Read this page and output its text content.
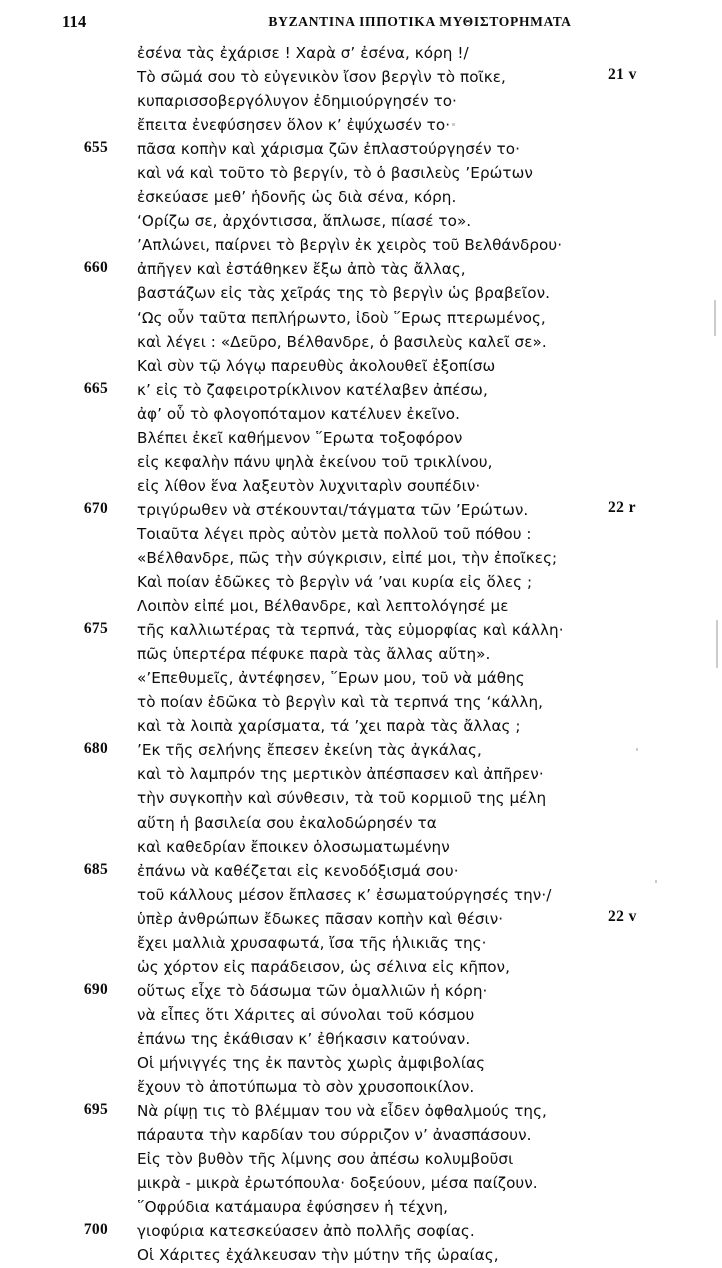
114	ΒΥΖΑΝΤΙΝΑ ΙΠΠΟΤΙΚΑ ΜΥΘΙΣΤΟΡΗΜΑΤΑ
ἐσένα τὰς ἐχάρισε ! Χαρὰ σ’ ἐσένα, κόρη !/
Τὸ σῶμά σου τὸ εὐγενικὸν ἴσον βεργὶν τὸ ποῖκε,	21 v
κυπαρισσοβεργόλυγον ἐδημιούργησέν το·
ἔπειτα ἐνεφύσησεν ὅλον κ’ ἐψύχωσέν το·
655 πᾶσα κοπὴν καὶ χάρισμα ζῶν ἐπλαστούργησέν το·
καὶ νά καὶ τοῦτο τὸ βεργίν, τὸ ὁ βασιλεὺς ’Ερώτων
ἐσκεύασε μεθ’ ἡδονῆς ὡς διὰ σένα, κόρη.
‘Ορίζω σε, ἀρχόντισσα, ἅπλωσε, πίασέ το».
’Απλώνει, παίρνει τὸ βεργὶν ἐκ χειρὸς τοῦ Βελθάνδρου·
660 ἀπῆγεν καὶ ἐστάθηκεν ἔξω ἀπὸ τὰς ἄλλας,
βαστάζων εἰς τὰς χεῖράς της τὸ βεργὶν ὡς βραβεῖον.
‘Ως οὖν ταῦτα πεπλήρωντο, ἰδοὺ ῞Ερως πτερωμένος,
καὶ λέγει : «Δεῦρο, Βέλθανδρε, ὁ βασιλεὺς καλεῖ σε».
Καὶ σὺν τῷ λόγῳ παρευθὺς ἀκολουθεῖ ἐξοπίσω
665 κ’ εἰς τὸ ζαφειροτρίκλινον κατέλαβεν ἀπέσω,
ἀφ’ οὗ τὸ φλογοπόταμον κατέλυεν ἐκεῖνο.
Βλέπει ἐκεῖ καθήμενον ῞Ερωτα τοξοφόρον
εἰς κεφαλὴν πάνυ ψηλὰ ἐκείνου τοῦ τρικλίνου,
εἰς λίθον ἕνα λαξευτὸν λυχνιταρὶν σουπέδιν·
670 τριγύρωθεν νὰ στέκουνται/τάγματα τῶν ’Ερώτων.	22 r
Τοιαῦτα λέγει πρὸς αὐτὸν μετὰ πολλοῦ τοῦ πόθου :
«Βέλθανδρε, πῶς τὴν σύγκρισιν, εἰπέ μοι, τὴν ἐποῖκες;
Καὶ ποίαν ἐδῶκες τὸ βεργὶν νά ’ναι κυρία εἰς ὅλες ;
Λοιπὸν εἰπέ μοι, Βέλθανδρε, καὶ λεπτολόγησέ με
675 τῆς καλλιωτέρας τὰ τερπνά, τὰς εὐμορφίας καὶ κάλλη·
πῶς ὑπερτέρα πέφυκε παρὰ τὰς ἄλλας αὕτη».
«’Επεθυμεῖς, ἀντέφησεν, ῞Ερων μου, τοῦ νὰ μάθης
τὸ ποίαν ἐδῶκα τὸ βεργὶν καὶ τὰ τερπνά της ‘κάλλη,
καὶ τὰ λοιπὰ χαρίσματα, τά ’χει παρὰ τὰς ἄλλας ;
680 ’Εκ τῆς σελήνης ἔπεσεν ἐκείνη τὰς ἀγκάλας,
καὶ τὸ λαμπρόν της μερτικὸν ἀπέσπασεν καὶ ἀπῆρεν·
τὴν συγκοπὴν καὶ σύνθεσιν, τὰ τοῦ κορμιοῦ της μέλη
αὕτη ἡ βασιλεία σου ἐκαλοδώρησέν τα
καὶ καθεδρίαν ἔποικεν ὁλοσωματωμένην
685 ἐπάνω νὰ καθέζεται εἰς κενοδόξισμά σου·
τοῦ κάλλους μέσον ἔπλασες κ’ ἐσωματούργησές την·/
ὑπὲρ ἀνθρώπων ἔδωκες πᾶσαν κοπὴν καὶ θέσιν·	22 v
ἔχει μαλλιὰ χρυσαφωτά, ἴσα τῆς ἡλικιᾶς της·
ὡς χόρτον εἰς παράδεισον, ὡς σέλινα εἰς κῆπον,
690 οὕτως εἶχε τὸ δάσωμα τῶν ὁμαλλιῶν ἡ κόρη·
νὰ εἶπες ὅτι Χάριτες αἱ σύνολαι τοῦ κόσμου
ἐπάνω της ἐκάθισαν κ’ ἐθήκασιν κατούναν.
Οἱ μήνιγγές της ἐκ παντὸς χωρὶς ἀμφιβολίας
ἔχουν τὸ ἀποτύπωμα τὸ σὸν χρυσοποικίλον.
695 Νὰ ρίψῃ τις τὸ βλέμμαν του νὰ εἶδεν ὀφθαλμούς της,
πάραυτα τὴν καρδίαν του σύρριζον ν’ ἀνασπάσουν.
Εἰς τὸν βυθὸν τῆς λίμνης σου ἀπέσω κολυμβοῦσι
μικρὰ - μικρὰ ἐρωτόπουλα· δοξεύουν, μέσα παίζουν.
῞Οφρύδια κατάμαυρα ἐφύσησεν ἡ τέχνη,
700 γιοφύρια κατεσκεύασεν ἀπὸ πολλῆς σοφίας.
Οἱ Χάριτες ἐχάλκευσαν τὴν μύτην τῆς ὡραίας,
